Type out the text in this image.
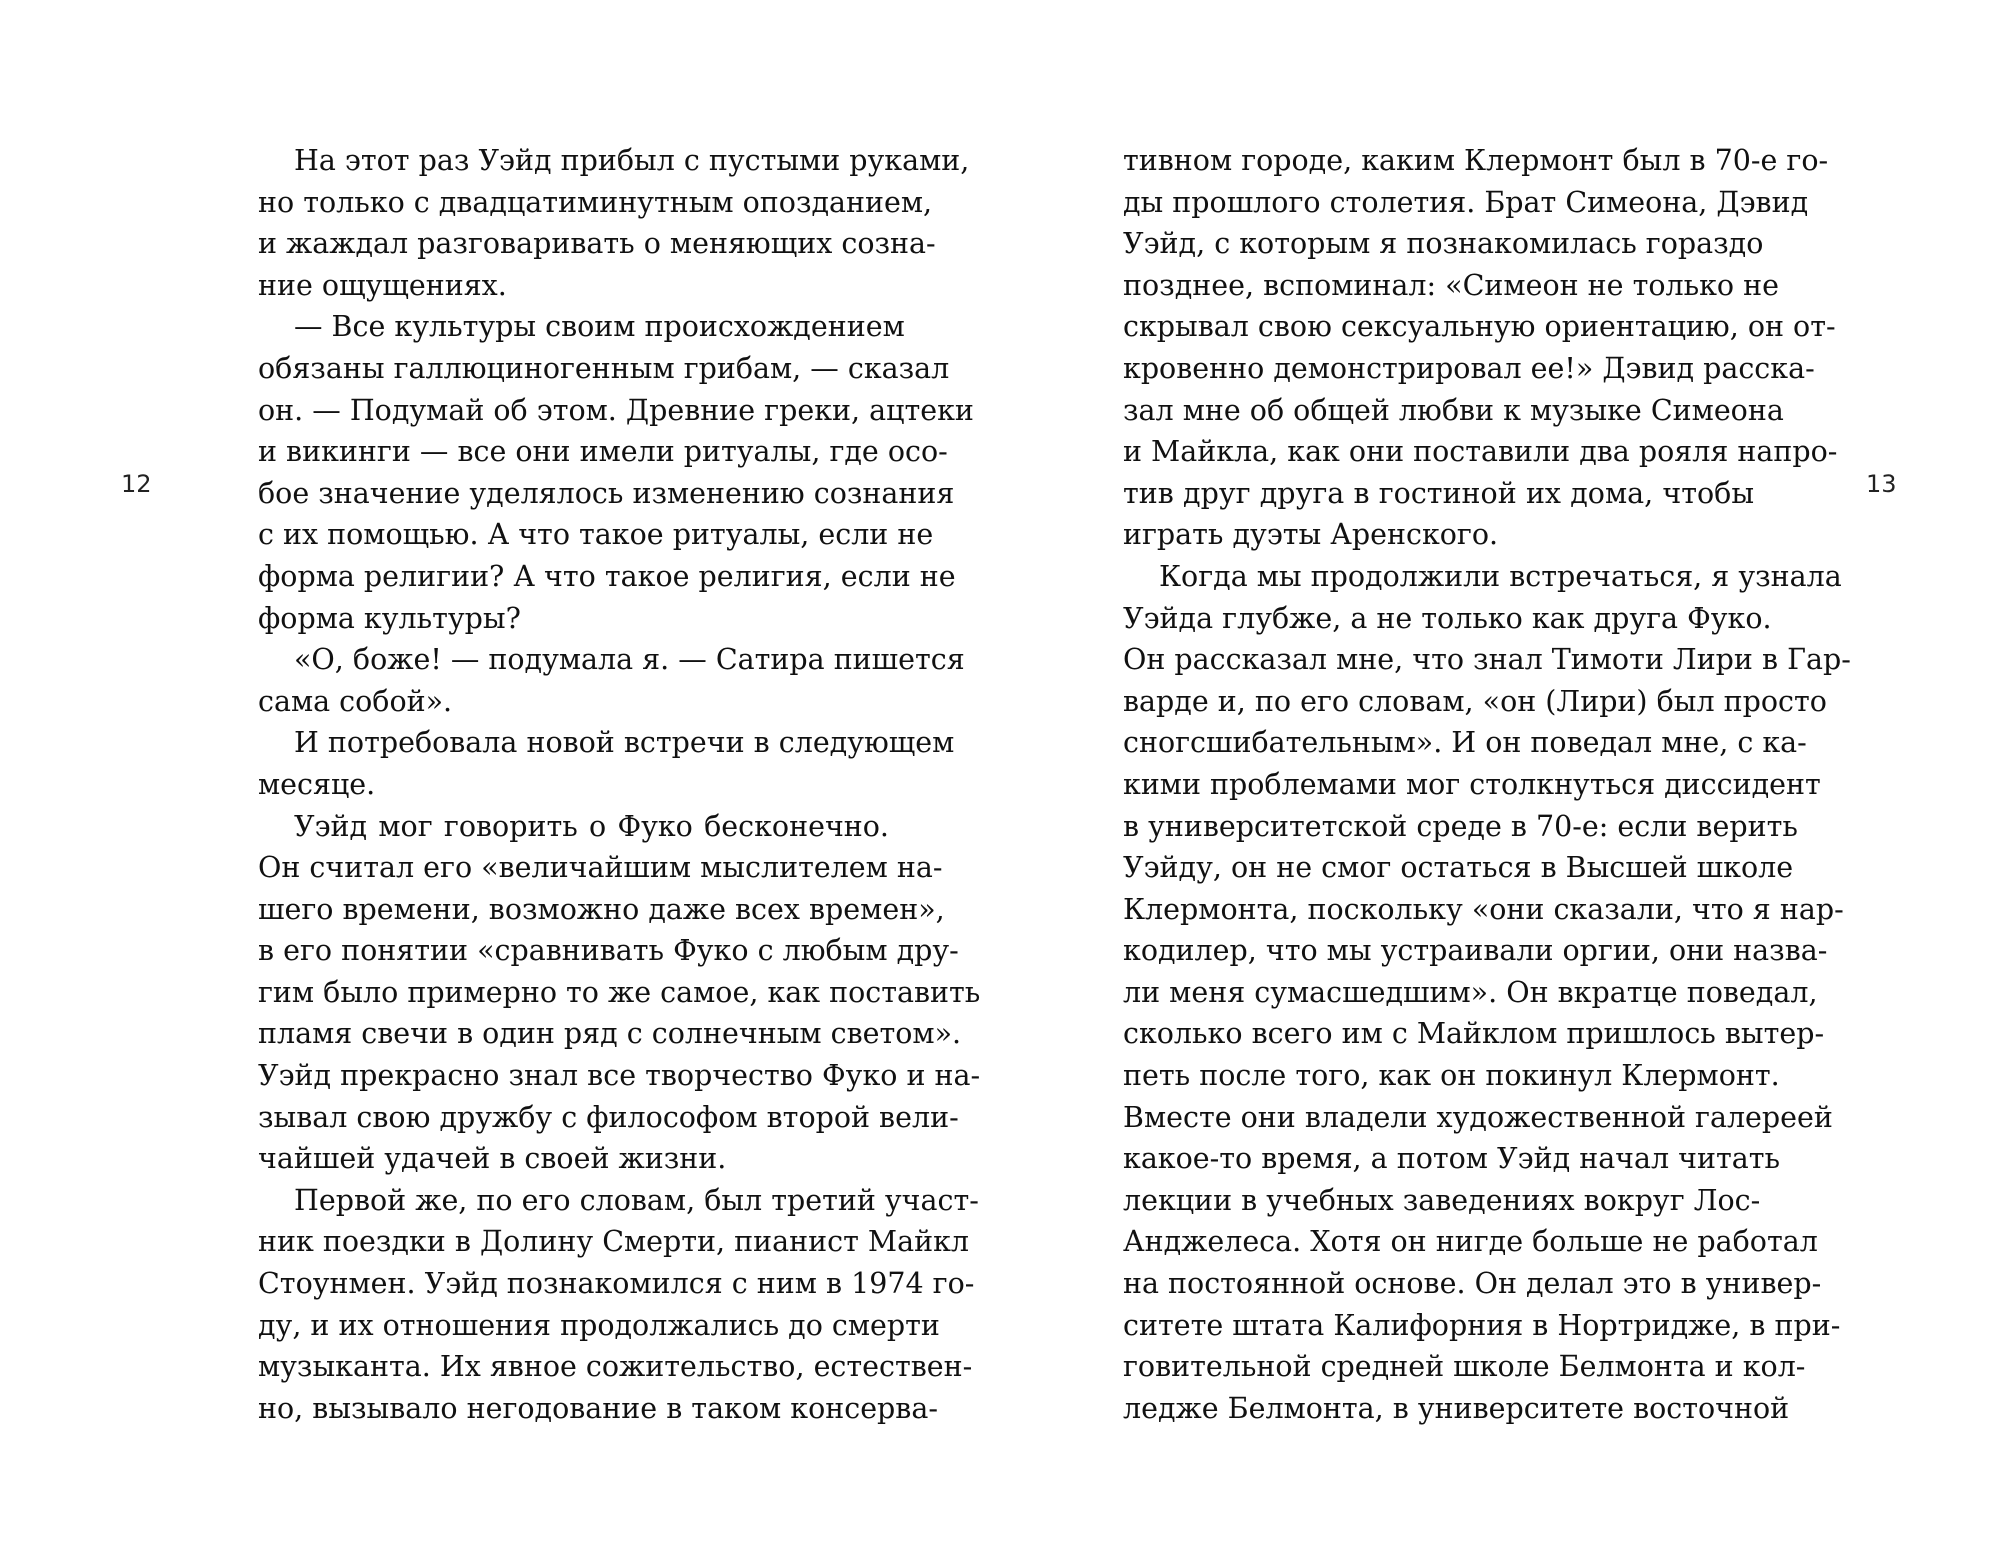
12
На этот раз Уэйд прибыл с пустыми руками,
но только с двадцатиминутным опозданием,
и жаждал разговаривать о меняющих созна-
ние ощущениях.
— Все культуры своим происхождением
обязаны галлюциногенным грибам, — сказал
он. — Подумай об этом. Древние греки, ацтеки
и викинги — все они имели ритуалы, где осо-
бое значение уделялось изменению сознания
с их помощью. А что такое ритуалы, если не
форма религии? А что такое религия, если не
форма культуры?
«О, боже! — подумала я. — Сатира пишется
сама собой».
И потребовала новой встречи в следующем
месяце.
Уэйд мог говорить о Фуко бесконечно.
Он считал его «величайшим мыслителем на-
шего времени, возможно даже всех времен»,
в его понятии «сравнивать Фуко с любым дру-
гим было примерно то же самое, как поставить
пламя свечи в один ряд с солнечным светом».
Уэйд прекрасно знал все творчество Фуко и на-
зывал свою дружбу с философом второй вели-
чайшей удачей в своей жизни.
Первой же, по его словам, был третий участ-
ник поездки в Долину Смерти, пианист Майкл
Стоунмен. Уэйд познакомился с ним в 1974 го-
ду, и их отношения продолжались до смерти
музыканта. Их явное сожительство, естествен-
но, вызывало негодование в таком консерва-
тивном городе, каким Клермонт был в 70-е го-
ды прошлого столетия. Брат Симеона, Дэвид
Уэйд, с которым я познакомилась гораздо
позднее, вспоминал: «Симеон не только не
скрывал свою сексуальную ориентацию, он от-
кровенно демонстрировал ее!» Дэвид расска-
зал мне об общей любви к музыке Симеона
и Майкла, как они поставили два рояля напро-
тив друг друга в гостиной их дома, чтобы
играть дуэты Аренского.
Когда мы продолжили встречаться, я узнала
Уэйда глубже, а не только как друга Фуко.
Он рассказал мне, что знал Тимоти Лири в Гар-
варде и, по его словам, «он (Лири) был просто
сногсшибательным». И он поведал мне, с ка-
кими проблемами мог столкнуться диссидент
в университетской среде в 70-е: если верить
Уэйду, он не смог остаться в Высшей школе
Клермонта, поскольку «они сказали, что я нар-
кодилер, что мы устраивали оргии, они назва-
ли меня сумасшедшим». Он вкратце поведал,
сколько всего им с Майклом пришлось вытер-
петь после того, как он покинул Клермонт.
Вместе они владели художественной галереей
какое-то время, а потом Уэйд начал читать
лекции в учебных заведениях вокруг Лос-
Анджелеса. Хотя он нигде больше не работал
на постоянной основе. Он делал это в универ-
ситете штата Калифорния в Нортридже, в при-
говительной средней школе Белмонта и кол-
ледже Белмонта, в университете восточной
13
